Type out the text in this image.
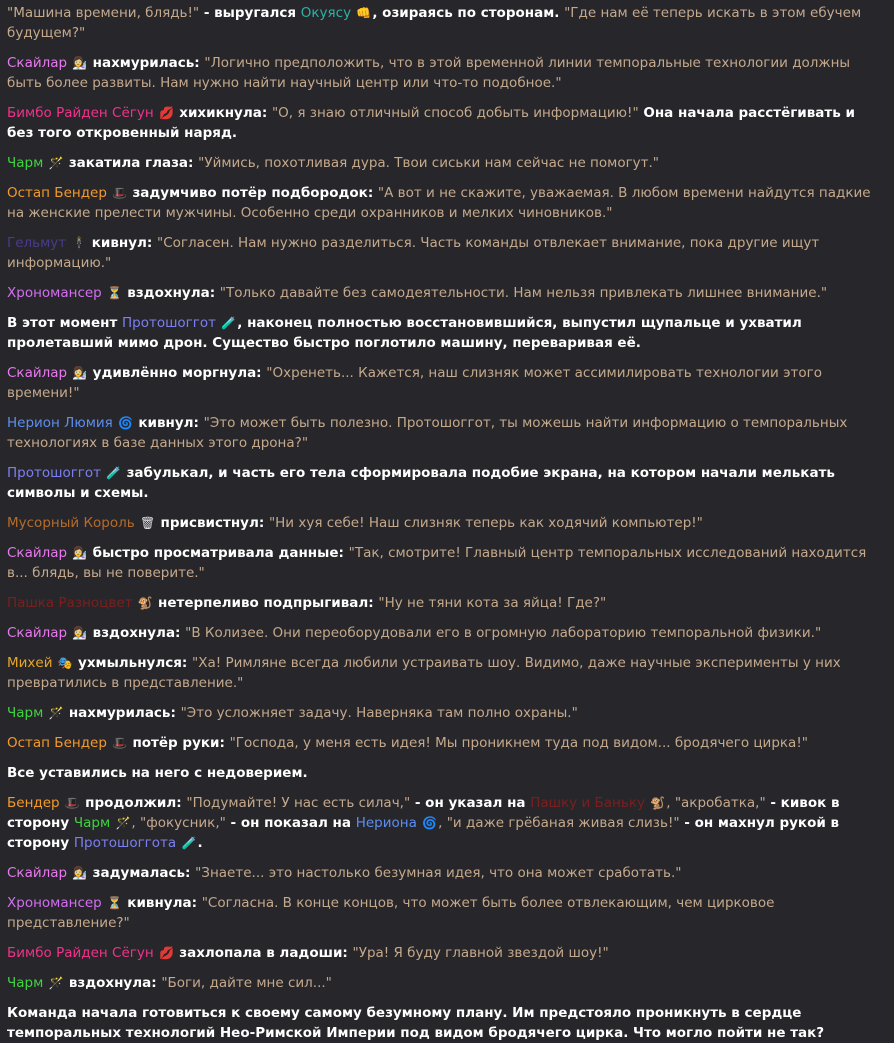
"Машина времени, блядь!" - выругался Окуясу 👊, озираясь по сторонам. "Где нам её теперь искать в этом ебучем будущем?"
Скайлар 👩‍🔬 нахмурилась: "Логично предположить, что в этой временной линии темпоральные технологии должны быть более развиты. Нам нужно найти научный центр или что-то подобное."
Бимбо Райден Сёгун 💋 хихикнула: "О, я знаю отличный способ добыть информацию!" Она начала расстёгивать и без того откровенный наряд.
Чарм 🪄 закатила глаза: "Уймись, похотливая дура. Твои сиськи нам сейчас не помогут."
Остап Бендер 🎩 задумчиво потёр подбородок: "А вот и не скажите, уважаемая. В любом времени найдутся падкие на женские прелести мужчины. Особенно среди охранников и мелких чиновников."
Гельмут 🕴 кивнул: "Согласен. Нам нужно разделиться. Часть команды отвлекает внимание, пока другие ищут информацию."
Хрономансер ⏳ вздохнула: "Только давайте без самодеятельности. Нам нельзя привлекать лишнее внимание."
В этот момент Протошоггот 🧪, наконец полностью восстановившийся, выпустил щупальце и ухватил пролетавший мимо дрон. Существо быстро поглотило машину, переваривая её.
Скайлар 👩‍🔬 удивлённо моргнула: "Охренеть... Кажется, наш слизняк может ассимилировать технологии этого времени!"
Нерион Люмия 🌀 кивнул: "Это может быть полезно. Протошоггот, ты можешь найти информацию о темпоральных технологиях в базе данных этого дрона?"
Протошоггот 🧪 забулькал, и часть его тела сформировала подобие экрана, на котором начали мелькать символы и схемы.
Мусорный Король 🗑 присвистнул: "Ни хуя себе! Наш слизняк теперь как ходячий компьютер!"
Скайлар 👩‍🔬 быстро просматривала данные: "Так, смотрите! Главный центр темпоральных исследований находится в... блядь, вы не поверите."
Пашка Разноцвет 🐒 нетерпеливо подпрыгивал: "Ну не тяни кота за яйца! Где?"
Скайлар 👩‍🔬 вздохнула: "В Колизее. Они переоборудовали его в огромную лабораторию темпоральной физики."
Михей 🎭 ухмыльнулся: "Ха! Римляне всегда любили устраивать шоу. Видимо, даже научные эксперименты у них превратились в представление."
Чарм 🪄 нахмурилась: "Это усложняет задачу. Наверняка там полно охраны."
Остап Бендер 🎩 потёр руки: "Господа, у меня есть идея! Мы проникнем туда под видом... бродячего цирка!"
Все уставились на него с недоверием.
Бендер 🎩 продолжил: "Подумайте! У нас есть силач," - он указал на Пашку и Баньку 🐒, "акробатка," - кивок в сторону Чарм 🪄, "фокусник," - он показал на Нериона 🌀, "и даже грёбаная живая слизь!" - он махнул рукой в сторону Протошоггота 🧪.
Скайлар 👩‍🔬 задумалась: "Знаете... это настолько безумная идея, что она может сработать."
Хрономансер ⏳ кивнула: "Согласна. В конце концов, что может быть более отвлекающим, чем цирковое представление?"
Бимбо Райден Сёгун 💋 захлопала в ладоши: "Ура! Я буду главной звездой шоу!"
Чарм 🪄 вздохнула: "Боги, дайте мне сил..."
Команда начала готовиться к своему самому безумному плану. Им предстояло проникнуть в сердце темпоральных технологий Нео-Римской Империи под видом бродячего цирка. Что могло пойти не так?
